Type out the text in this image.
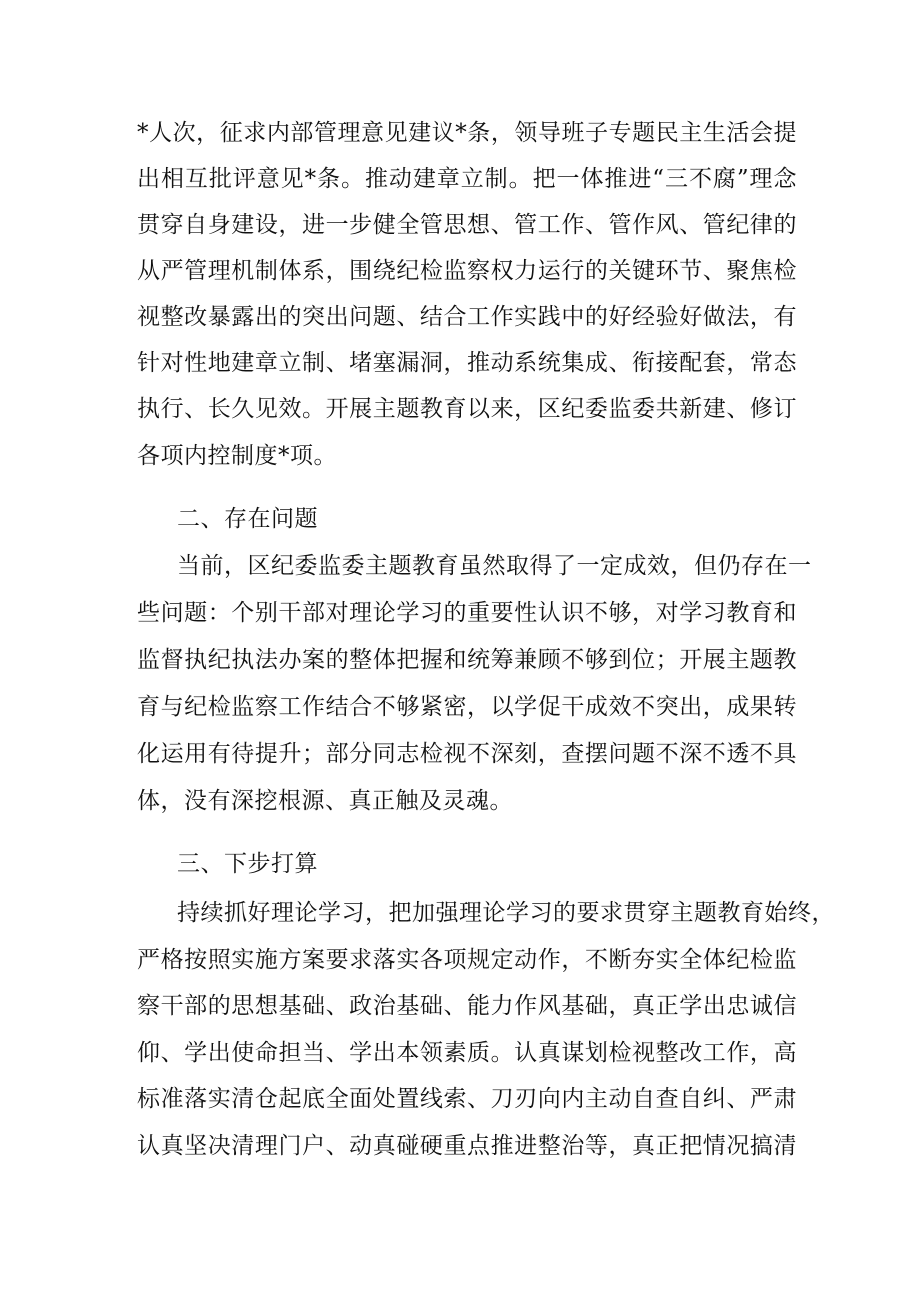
*人次，征求内部管理意见建议*条，领导班子专题民主生活会提
出相互批评意见*条。推动建章立制。把一体推进“三不腐”理念
贯穿自身建设，进一步健全管思想、管工作、管作风、管纪律的
从严管理机制体系，围绕纪检监察权力运行的关键环节、聚焦检
视整改暴露出的突出问题、结合工作实践中的好经验好做法，有
针对性地建章立制、堵塞漏洞，推动系统集成、衔接配套，常态
执行、长久见效。开展主题教育以来，区纪委监委共新建、修订
各项内控制度*项。
二、存在问题
当前，区纪委监委主题教育虽然取得了一定成效，但仍存在一
些问题：个别干部对理论学习的重要性认识不够，对学习教育和
监督执纪执法办案的整体把握和统筹兼顾不够到位；开展主题教
育与纪检监察工作结合不够紧密，以学促干成效不突出，成果转
化运用有待提升；部分同志检视不深刻，查摆问题不深不透不具
体，没有深挖根源、真正触及灵魂。
三、下步打算
持续抓好理论学习，把加强理论学习的要求贯穿主题教育始终，
严格按照实施方案要求落实各项规定动作，不断夯实全体纪检监
察干部的思想基础、政治基础、能力作风基础，真正学出忠诚信
仰、学出使命担当、学出本领素质。认真谋划检视整改工作，高
标准落实清仓起底全面处置线索、刀刃向内主动自查自纠、严肃
认真坚决清理门户、动真碰硬重点推进整治等，真正把情况搞清
